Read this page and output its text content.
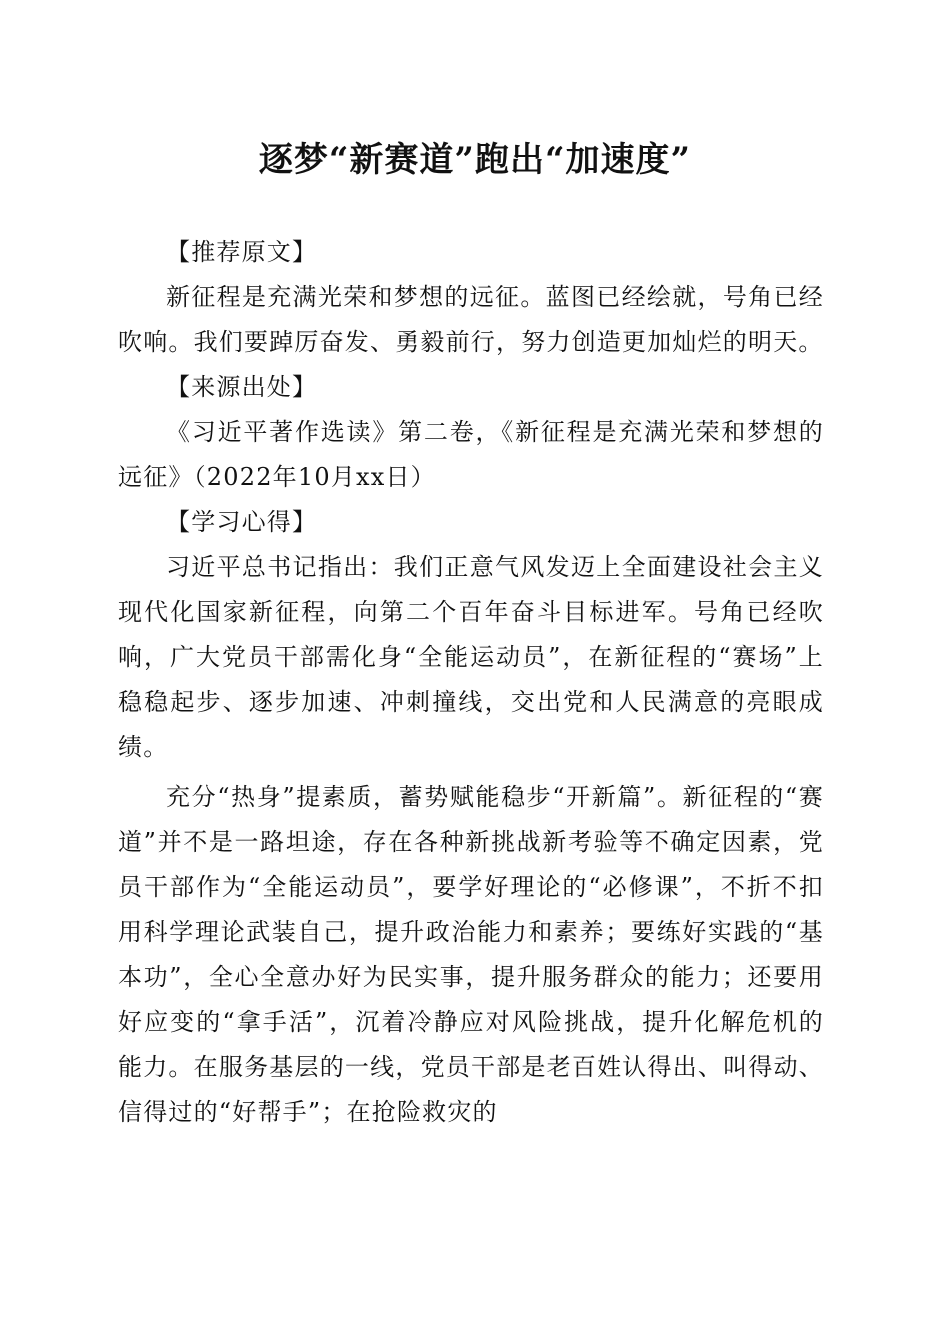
逐梦“新赛道”跑出“加速度”

【推荐原文】

新征程是充满光荣和梦想的远征。蓝图已经绘就，号角已经吹响。我们要踔厉奋发、勇毅前行，努力创造更加灿烂的明天。

【来源出处】

《习近平著作选读》第二卷，《新征程是充满光荣和梦想的远征》（2022年10月xx日）

【学习心得】

习近平总书记指出：我们正意气风发迈上全面建设社会主义现代化国家新征程，向第二个百年奋斗目标进军。号角已经吹响，广大党员干部需化身“全能运动员”，在新征程的“赛场”上稳稳起步、逐步加速、冲刺撞线，交出党和人民满意的亮眼成绩。

充分“热身”提素质，蓄势赋能稳步“开新篇”。新征程的“赛道”并不是一路坦途，存在各种新挑战新考验等不确定因素，党员干部作为“全能运动员”，要学好理论的“必修课”，不折不扣用科学理论武装自己，提升政治能力和素养；要练好实践的“基本功”，全心全意办好为民实事，提升服务群众的能力；还要用好应变的“拿手活”，沉着冷静应对风险挑战，提升化解危机的能力。在服务基层的一线，党员干部是老百姓认得出、叫得动、信得过的“好帮手”；在抢险救灾的
